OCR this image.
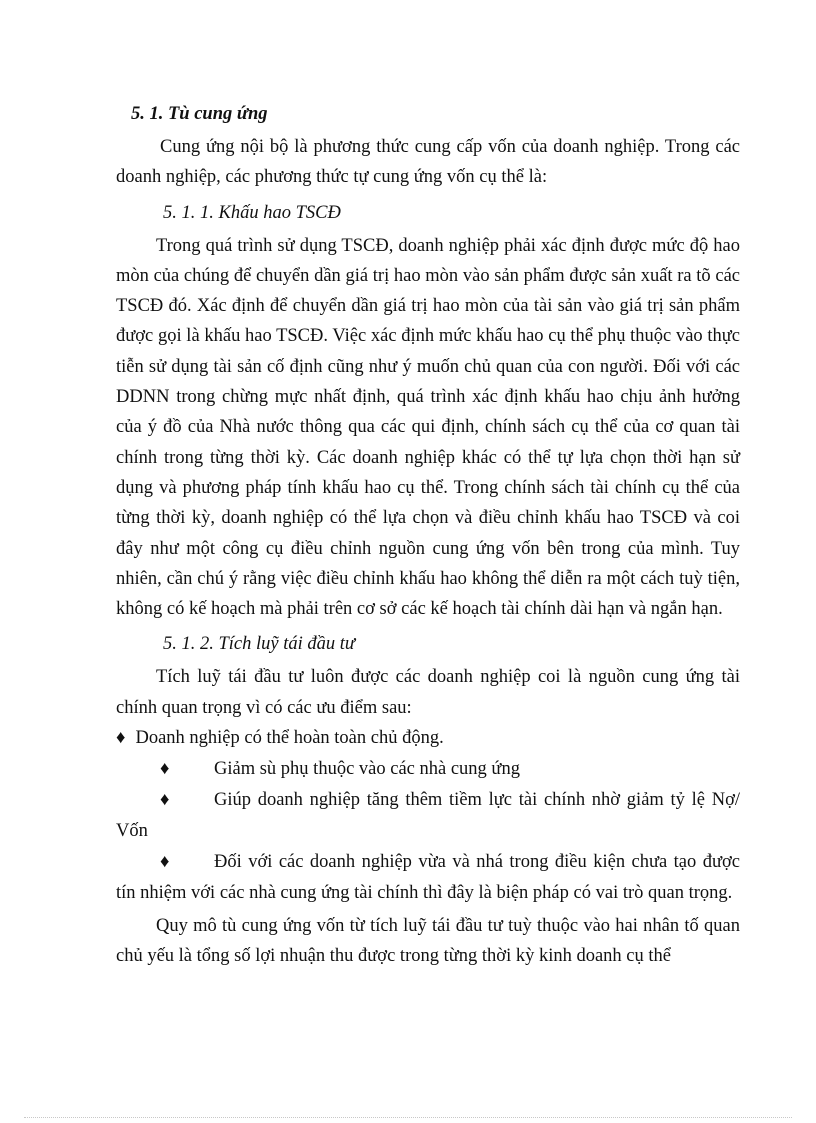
5. 1. Tù cung ứng

Cung ứng nội bộ là phương thức cung cấp vốn của doanh nghiệp. Trong các doanh nghiệp, các phương thức tự cung ứng vốn cụ thể là:

5. 1. 1. Khấu hao TSCĐ

Trong quá trình sử dụng TSCĐ, doanh nghiệp phải xác định được mức độ hao mòn của chúng để chuyển dần giá trị hao mòn vào sản phẩm được sản xuất ra tõ các TSCĐ đó. Xác định để chuyển dần giá trị hao mòn của tài sản vào giá trị sản phẩm được gọi là khấu hao TSCĐ. Việc xác định mức khấu hao cụ thể phụ thuộc vào thực tiễn sử dụng tài sản cố định cũng như ý muốn chủ quan của con người. Đối với các DDNN trong chừng mực nhất định, quá trình xác định khấu hao chịu ảnh hưởng của ý đồ của Nhà nước thông qua các qui định, chính sách cụ thể của cơ quan tài chính trong từng thời kỳ. Các doanh nghiệp khác có thể tự lựa chọn thời hạn sử dụng và phương pháp tính khấu hao cụ thể. Trong chính sách tài chính cụ thể của từng thời kỳ, doanh nghiệp có thể lựa chọn và điều chỉnh khấu hao TSCĐ và coi đây như một công cụ điều chỉnh nguồn cung ứng vốn bên trong của mình. Tuy nhiên, cần chú ý rằng việc điều chỉnh khấu hao không thể diễn ra một cách tuỳ tiện, không có kế hoạch mà phải trên cơ sở các kế hoạch tài chính dài hạn và ngắn hạn.

5. 1. 2. Tích luỹ tái đầu tư

Tích luỹ tái đầu tư luôn được các doanh nghiệp coi là nguồn cung ứng tài chính quan trọng vì có các ưu điểm sau:

♦ Doanh nghiệp có thể hoàn toàn chủ động.
♦ Giảm sù phụ thuộc vào các nhà cung ứng

♦ Giúp doanh nghiệp tăng thêm tiềm lực tài chính nhờ giảm tỷ lệ Nợ/ Vốn

♦ Đối với các doanh nghiệp vừa và nhá trong điều kiện chưa tạo được tín nhiệm với các nhà cung ứng tài chính thì đây là biện pháp có vai trò quan trọng.

Quy mô tù cung ứng vốn từ tích luỹ tái đầu tư tuỳ thuộc vào hai nhân tố quan chủ yếu là tổng số lợi nhuận thu được trong từng thời kỳ kinh doanh cụ thể
